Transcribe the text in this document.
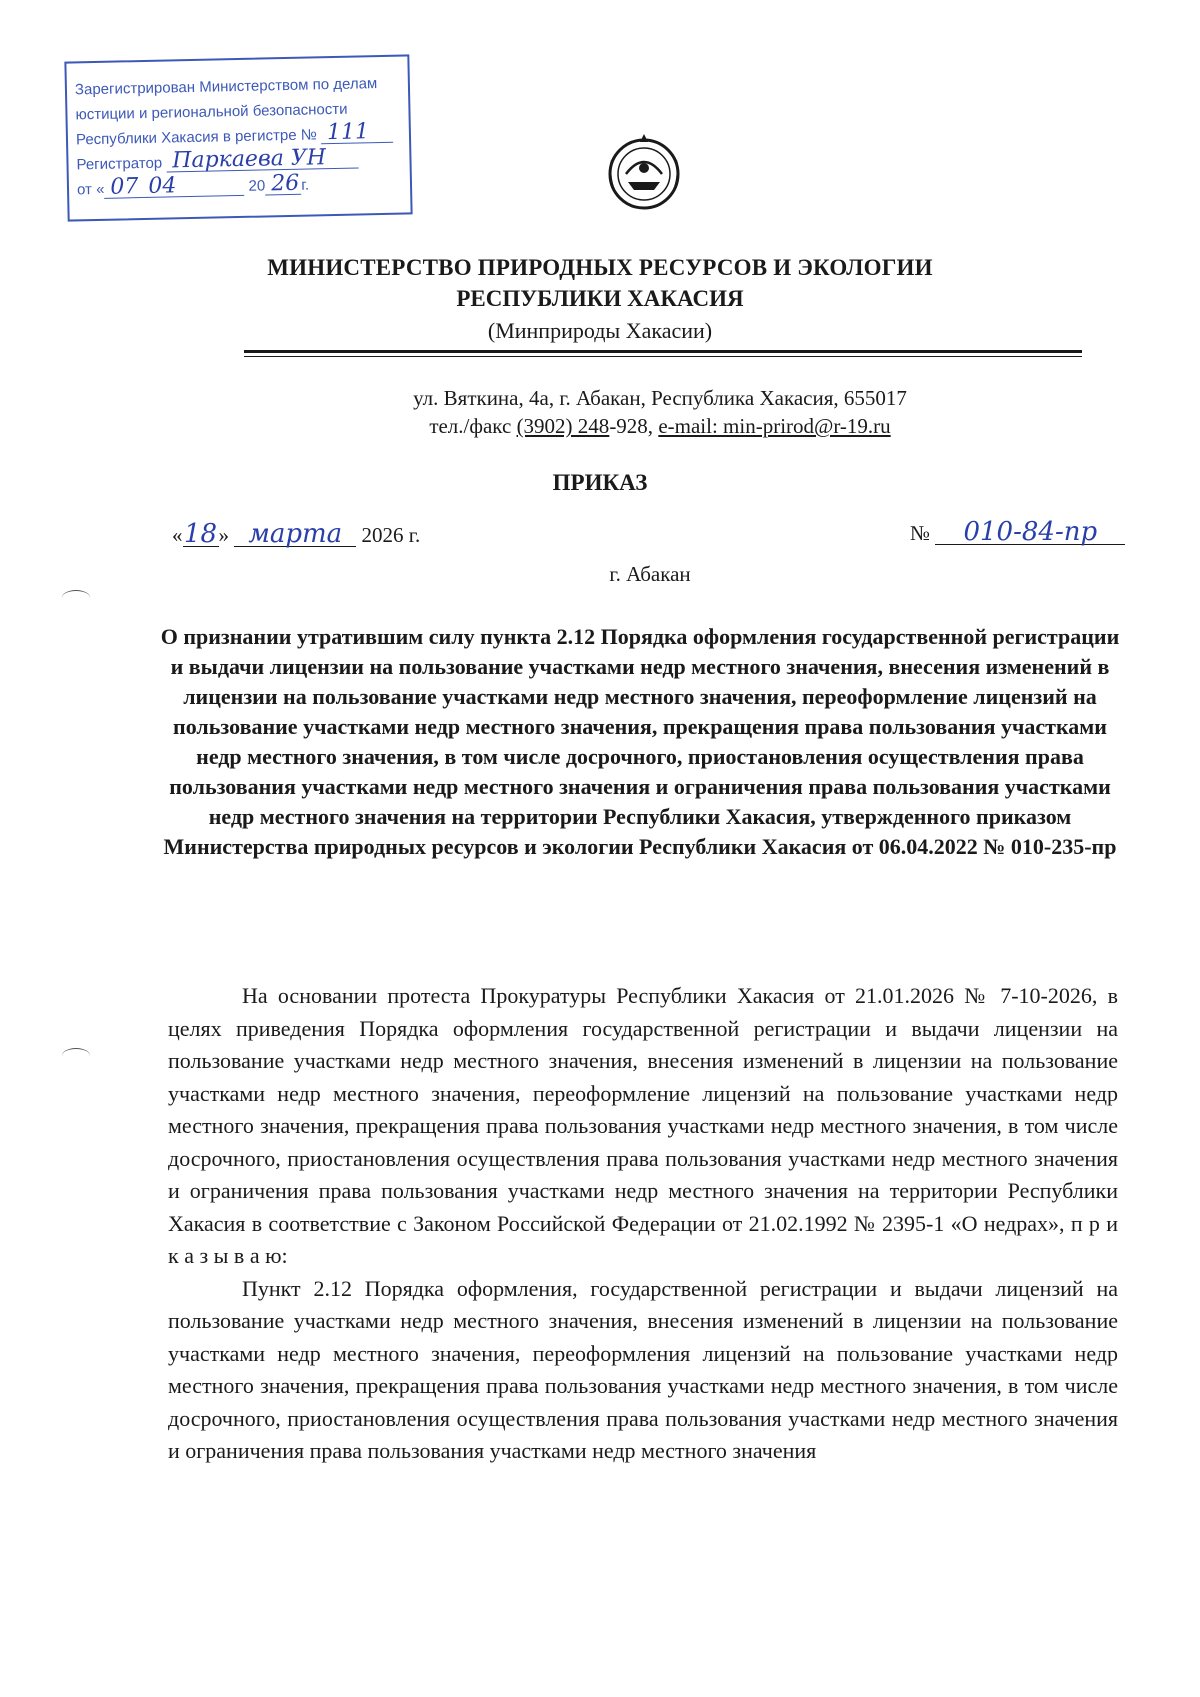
Зарегистрирован Министерством по делам
юстиции и региональной безопасности
Республики Хакасия в регистре № 111
Регистратор Паркаева УН
от « 07 04	20 26 г.
МИНИСТЕРСТВО ПРИРОДНЫХ РЕСУРСОВ И ЭКОЛОГИИ
РЕСПУБЛИКИ ХАКАСИЯ
(Минприроды Хакасии)
ул. Вяткина, 4а, г. Абакан, Республика Хакасия, 655017
тел./факс (3902) 248-928, e-mail: min-prirod@r-19.ru
ПРИКАЗ
«18» марта 2026 г.	№ 010-84-пр
г. Абакан
О признании утратившим силу пункта 2.12 Порядка оформления государственной регистрации и выдачи лицензии на пользование участками недр местного значения, внесения изменений в лицензии на пользование участками недр местного значения, переоформление лицензий на пользование участками недр местного значения, прекращения права пользования участками недр местного значения, в том числе досрочного, приостановления осуществления права пользования участками недр местного значения и ограничения права пользования участками недр местного значения на территории Республики Хакасия, утвержденного приказом Министерства природных ресурсов и экологии Республики Хакасия от 06.04.2022 № 010-235-пр

На основании протеста Прокуратуры Республики Хакасия от 21.01.2026 № 7-10-2026, в целях приведения Порядка оформления государственной регистрации и выдачи лицензии на пользование участками недр местного значения, внесения изменений в лицензии на пользование участками недр местного значения, переоформление лицензий на пользование участками недр местного значения, прекращения права пользования участками недр местного значения, в том числе досрочного, приостановления осуществления права пользования участками недр местного значения и ограничения права пользования участками недр местного значения на территории Республики Хакасия в соответствие с Законом Российской Федерации от 21.02.1992 № 2395-1 «О недрах», п р и к а з ы в а ю:

Пункт 2.12 Порядка оформления, государственной регистрации и выдачи лицензий на пользование участками недр местного значения, внесения изменений в лицензии на пользование участками недр местного значения, переоформления лицензий на пользование участками недр местного значения, прекращения права пользования участками недр местного значения, в том числе досрочного, приостановления осуществления права пользования участками недр местного значения и ограничения права пользования участками недр местного значения
